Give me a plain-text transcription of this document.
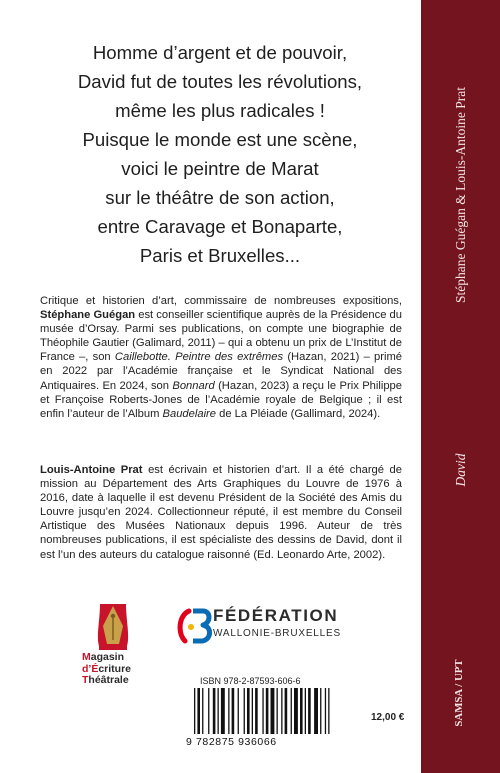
Homme d’argent et de pouvoir,
David fut de toutes les révolutions,
même les plus radicales !
Puisque le monde est une scène,
voici le peintre de Marat
sur le théâtre de son action,
entre Caravage et Bonaparte,
Paris et Bruxelles...
Critique et historien d’art, commissaire de nombreuses expositions, Stéphane Guégan est conseiller scientifique auprès de la Présidence du musée d’Orsay. Parmi ses publications, on compte une biographie de Théophile Gautier (Galimard, 2011) – qui a obtenu un prix de L’Institut de France –, son Caillebotte. Peintre des extrêmes (Hazan, 2021) – primé en 2022 par l’Académie française et le Syndicat National des Antiquaires. En 2024, son Bonnard (Hazan, 2023) a reçu le Prix Philippe et Françoise Roberts-Jones de l’Académie royale de Belgique ; il est enfin l’auteur de l’Album Baudelaire de La Pléiade (Gallimard, 2024).
Louis-Antoine Prat est écrivain et historien d’art. Il a été chargé de mission au Département des Arts Graphiques du Louvre de 1976 à 2016, date à laquelle il est devenu Président de la Société des Amis du Louvre jusqu’en 2024. Collectionneur réputé, il est membre du Conseil Artistique des Musées Nationaux depuis 1996. Auteur de très nombreuses publications, il est spécialiste des dessins de David, dont il est l’un des auteurs du catalogue raisonné (Ed. Leonardo Arte, 2002).
Magasin
d’Écriture
Théâtrale
FÉDÉRATION
WALLONIE-BRUXELLES
ISBN 978-2-87593-606-6
9 782875 936066
12,00 €
Stéphane Guégan & Louis-Antoine Prat
David
SAMSA / UPT
